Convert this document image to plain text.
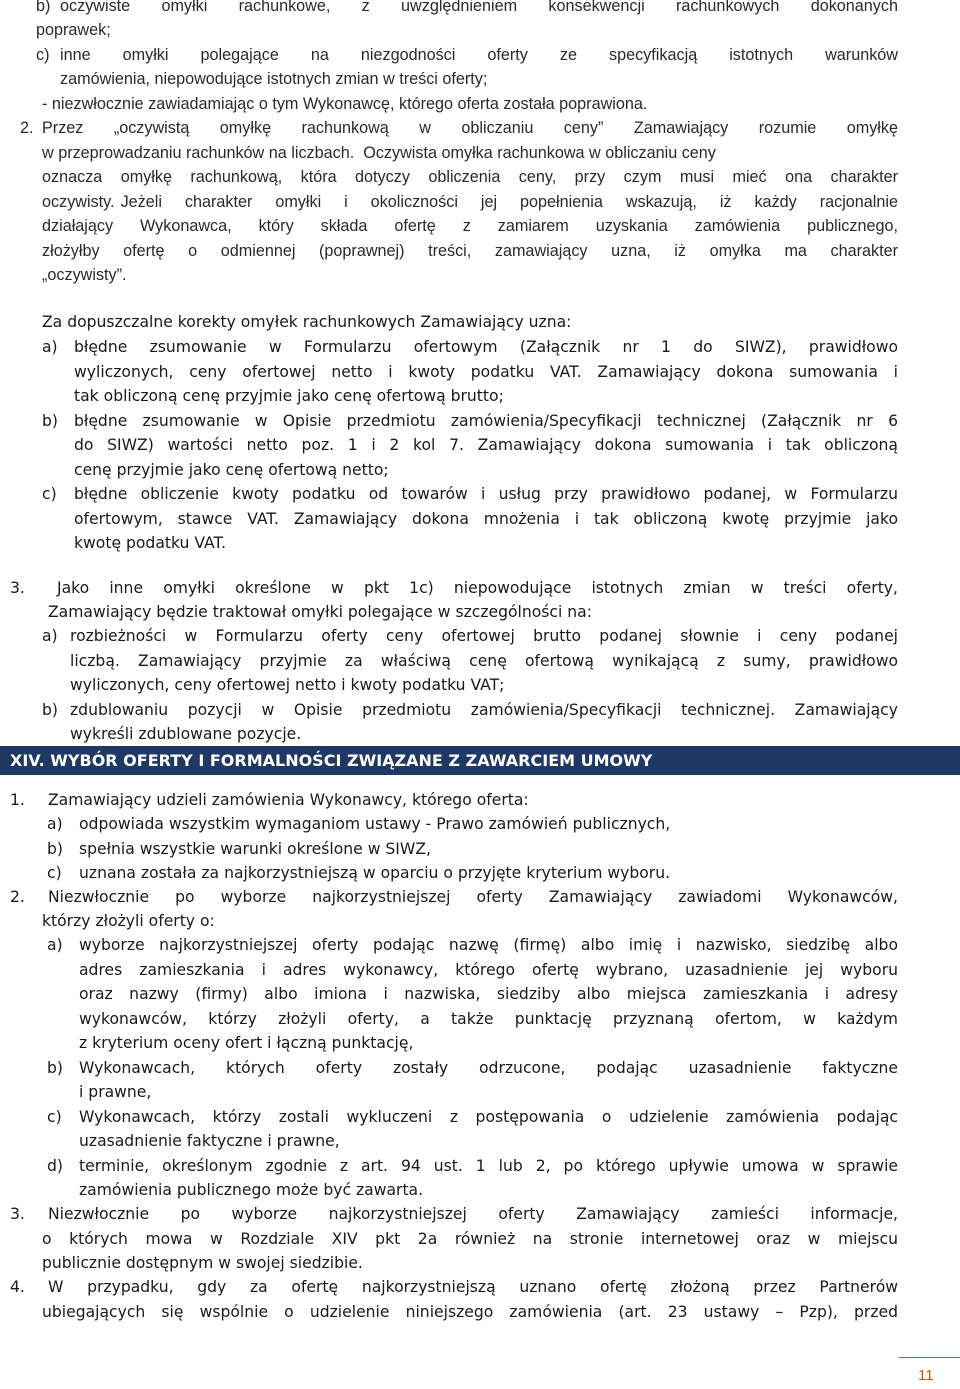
b) oczywiste omyłki rachunkowe, z uwzględnieniem konsekwencji rachunkowych dokonanych
poprawek;
c) inne omyłki polegające na niezgodności oferty ze specyfikacją istotnych warunków
zamówienia, niepowodujące istotnych zmian w treści oferty;
- niezwłocznie zawiadamiając o tym Wykonawcę, którego oferta została poprawiona.
2. Przez „oczywistą omyłkę rachunkową w obliczaniu ceny” Zamawiający rozumie omyłkę
w przeprowadzaniu rachunków na liczbach. Oczywista omyłka rachunkowa w obliczaniu ceny
oznacza omyłkę rachunkową, która dotyczy obliczenia ceny, przy czym musi mieć ona charakter
oczywisty. Jeżeli charakter omyłki i okoliczności jej popełnienia wskazują, iż każdy racjonalnie
działający Wykonawca, który składa ofertę z zamiarem uzyskania zamówienia publicznego,
złożyłby ofertę o odmiennej (poprawnej) treści, zamawiający uzna, iż omyłka ma charakter
„oczywisty”.
Za dopuszczalne korekty omyłek rachunkowych Zamawiający uzna:
a)	błędne zsumowanie w Formularzu ofertowym (Załącznik nr 1 do SIWZ), prawidłowo
wyliczonych, ceny ofertowej netto i kwoty podatku VAT. Zamawiający dokona sumowania i
tak obliczoną cenę przyjmie jako cenę ofertową brutto;
b)	błędne zsumowanie w Opisie przedmiotu zamówienia/Specyfikacji technicznej (Załącznik nr 6
do SIWZ) wartości netto poz. 1 i 2 kol 7. Zamawiający dokona sumowania i tak obliczoną
cenę przyjmie jako cenę ofertową netto;
c)	błędne obliczenie kwoty podatku od towarów i usług przy prawidłowo podanej, w Formularzu
ofertowym, stawce VAT. Zamawiający dokona mnożenia i tak obliczoną kwotę przyjmie jako
kwotę podatku VAT.
3.	Jako inne omyłki określone w pkt 1c) niepowodujące istotnych zmian w treści oferty,
Zamawiający będzie traktował omyłki polegające w szczególności na:
a) rozbieżności w Formularzu oferty ceny ofertowej brutto podanej słownie i ceny podanej
liczbą. Zamawiający przyjmie za właściwą cenę ofertową wynikającą z sumy, prawidłowo
wyliczonych, ceny ofertowej netto i kwoty podatku VAT;
b) zdublowaniu pozycji w Opisie przedmiotu zamówienia/Specyfikacji technicznej. Zamawiający
wykreśli zdublowane pozycje.
XIV. WYBÓR OFERTY I FORMALNOŚCI ZWIĄZANE Z ZAWARCIEM UMOWY
1.	Zamawiający udzieli zamówienia Wykonawcy, którego oferta:
a)	odpowiada wszystkim wymaganiom ustawy - Prawo zamówień publicznych,
b)	spełnia wszystkie warunki określone w SIWZ,
c)	uznana została za najkorzystniejszą w oparciu o przyjęte kryterium wyboru.
2.	Niezwłocznie po wyborze najkorzystniejszej oferty Zamawiający zawiadomi Wykonawców,
którzy złożyli oferty o:
a)	wyborze najkorzystniejszej oferty podając nazwę (firmę) albo imię i nazwisko, siedzibę albo
adres zamieszkania i adres wykonawcy, którego ofertę wybrano, uzasadnienie jej wyboru
oraz nazwy (firmy) albo imiona i nazwiska, siedziby albo miejsca zamieszkania i adresy
wykonawców, którzy złożyli oferty, a także punktację przyznaną ofertom, w każdym
z kryterium oceny ofert i łączną punktację,
b)	Wykonawcach, których oferty zostały odrzucone, podając uzasadnienie faktyczne
i prawne,
c)	Wykonawcach, którzy zostali wykluczeni z postępowania o udzielenie zamówienia podając
uzasadnienie faktyczne i prawne,
d)	terminie, określonym zgodnie z art. 94 ust. 1 lub 2, po którego upływie umowa w sprawie
zamówienia publicznego może być zawarta.
3.	Niezwłocznie po wyborze najkorzystniejszej oferty Zamawiający zamieści informacje,
o których mowa w Rozdziale XIV pkt 2a również na stronie internetowej oraz w miejscu
publicznie dostępnym w swojej siedzibie.
4.	W przypadku, gdy za ofertę najkorzystniejszą uznano ofertę złożoną przez Partnerów
ubiegających się wspólnie o udzielenie niniejszego zamówienia (art. 23 ustawy – Pzp), przed
11
